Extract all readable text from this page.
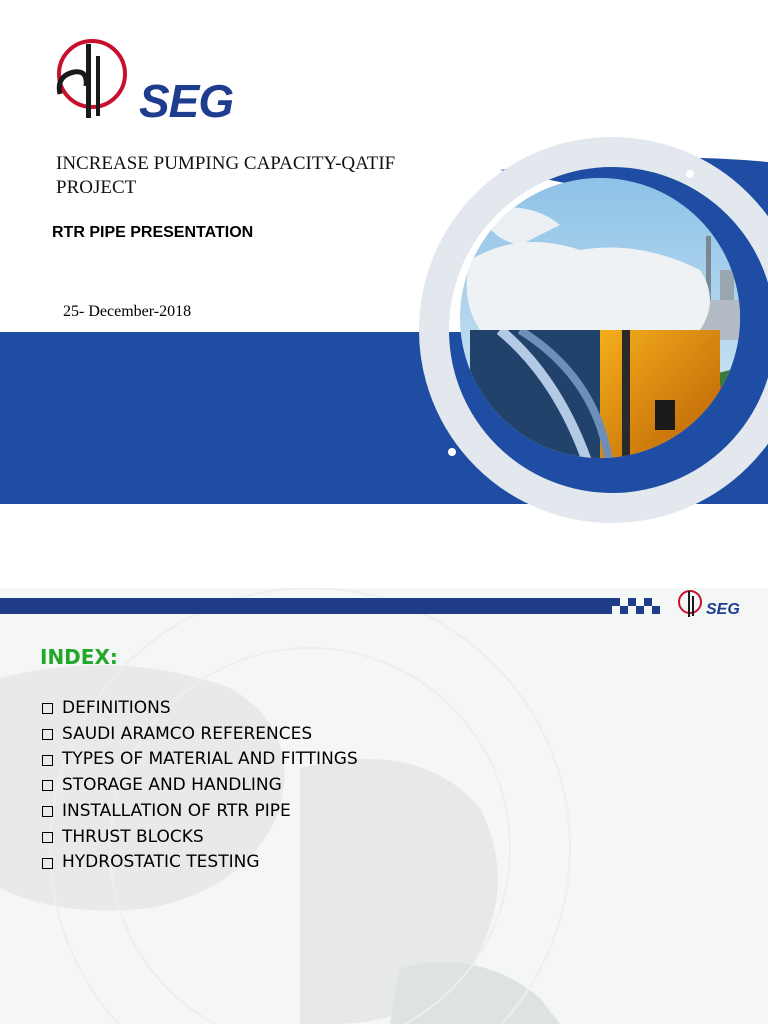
SEG
INCREASE PUMPING CAPACITY-QATIF PROJECT
RTR PIPE PRESENTATION
25- December-2018
SEG
INDEX:
DEFINITIONS
SAUDI ARAMCO REFERENCES
TYPES OF MATERIAL AND FITTINGS
STORAGE AND HANDLING
INSTALLATION OF RTR PIPE
THRUST BLOCKS
HYDROSTATIC TESTING
